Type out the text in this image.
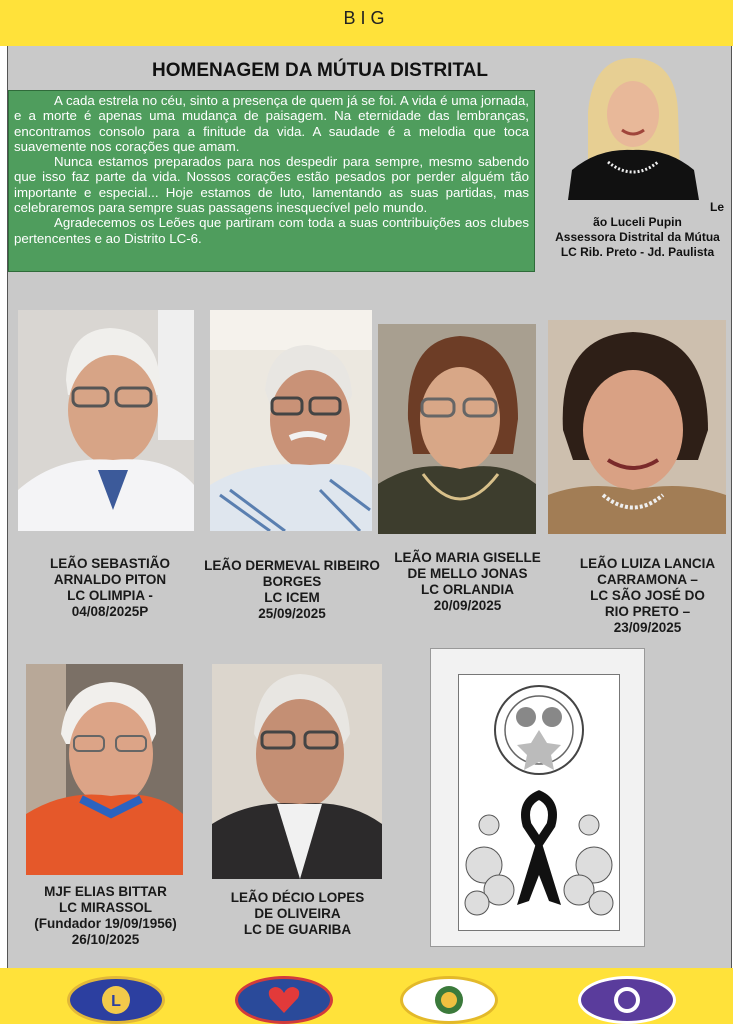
BIG
HOMENAGEM DA MÚTUA DISTRITAL

A cada estrela no céu, sinto a presença de quem já se foi. A vida é uma jornada, e a morte é apenas uma mudança de paisagem. Na eternidade das lembranças, encontramos consolo para a finitude da vida. A saudade é a melodia que toca suavemente nos corações que amam.

Nunca estamos preparados para nos despedir para sempre, mesmo sabendo que isso faz parte da vida. Nossos corações estão pesados por perder alguém tão importante e especial... Hoje estamos de luto, lamentando as suas partidas, mas celebraremos para sempre suas passagens inesquecível pelo mundo.

Agradecemos os Leões que partiram com toda a suas contribuições aos clubes pertencentes e ao Distrito LC-6.

Le
ão Luceli Pupin
Assessora Distrital da Mútua
LC Rib. Preto - Jd. Paulista
LEÃO SEBASTIÃO
ARNALDO PITON
LC OLIMPIA -
04/08/2025P
LEÃO DERMEVAL RIBEIRO
BORGES
LC ICEM
25/09/2025
LEÃO MARIA GISELLE
DE MELLO JONAS
LC ORLANDIA
20/09/2025
LEÃO LUIZA LANCIA
CARRAMONA –
LC SÃO JOSÉ DO
RIO PRETO –
23/09/2025
MJF ELIAS BITTAR
LC MIRASSOL
(Fundador 19/09/1956)
26/10/2025
LEÃO DÉCIO LOPES
DE OLIVEIRA
LC DE GUARIBA
L
